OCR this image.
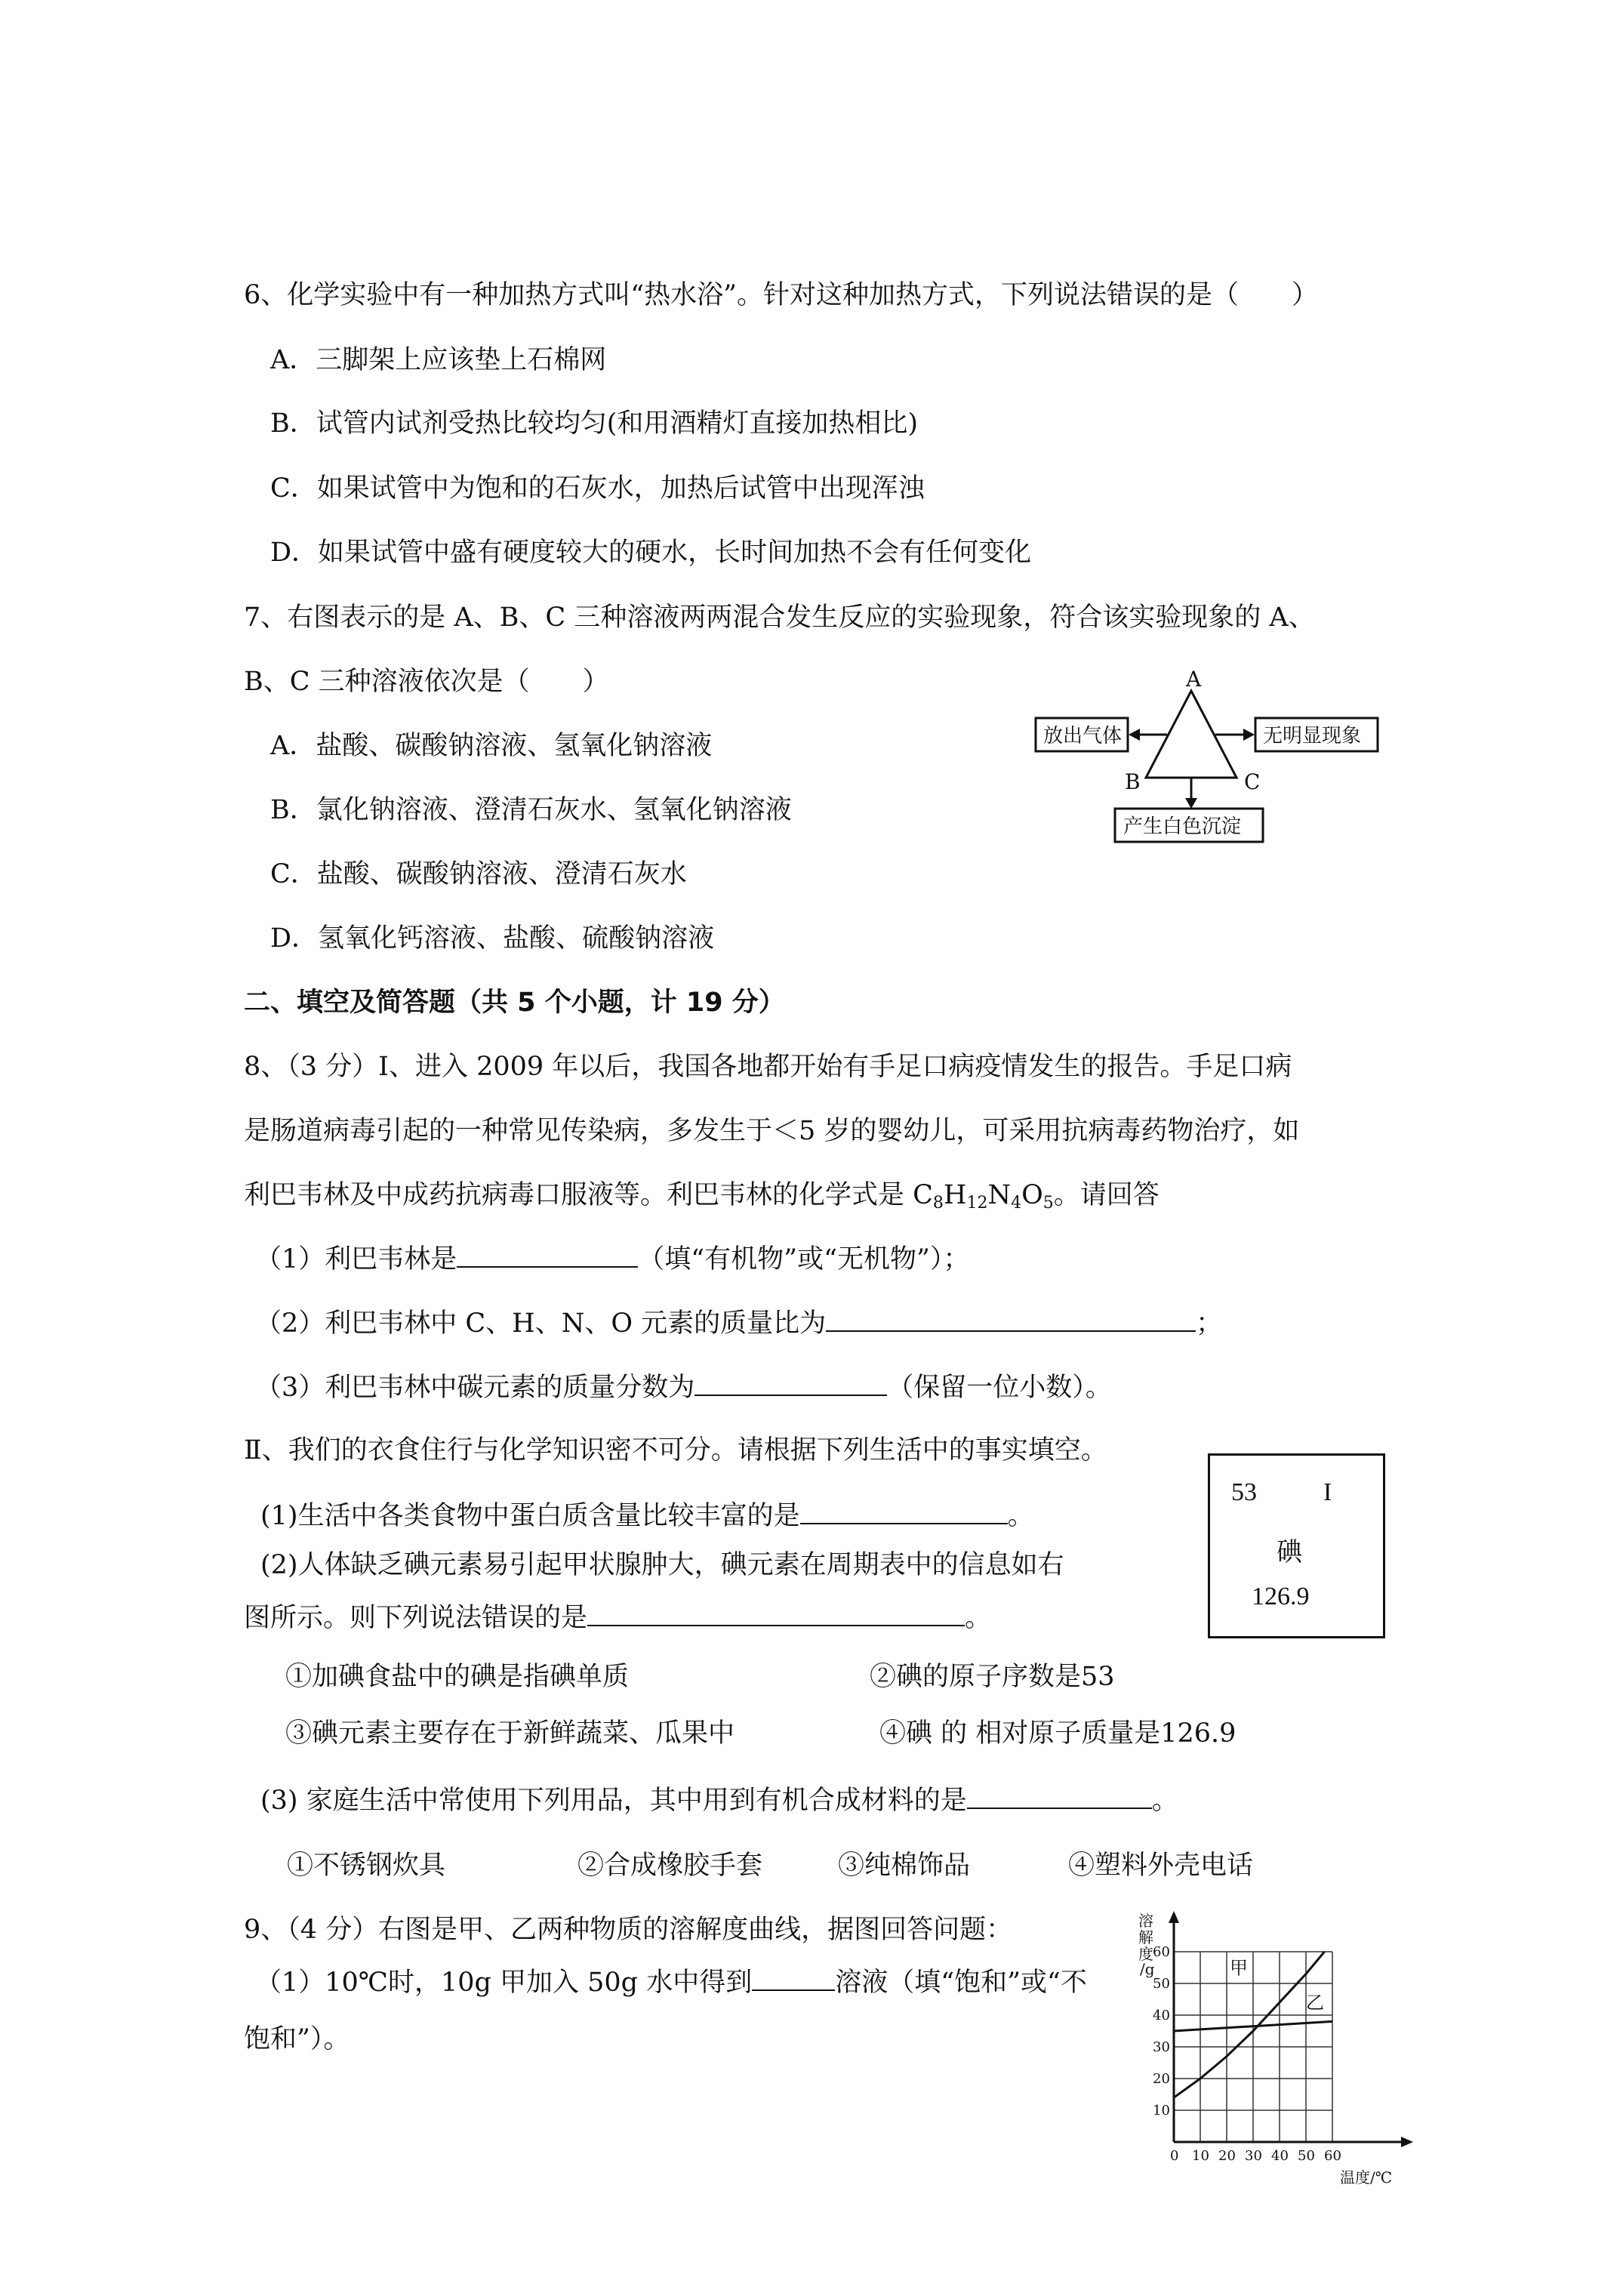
6、化学实验中有一种加热方式叫“热水浴”。针对这种加热方式，下列说法错误的是（　　）
A．三脚架上应该垫上石棉网
B．试管内试剂受热比较均匀(和用酒精灯直接加热相比)
C．如果试管中为饱和的石灰水，加热后试管中出现浑浊
D．如果试管中盛有硬度较大的硬水，长时间加热不会有任何变化
7、右图表示的是 A、B、C 三种溶液两两混合发生反应的实验现象，符合该实验现象的 A、
B、C 三种溶液依次是（　　）
A．盐酸、碳酸钠溶液、氢氧化钠溶液
B．氯化钠溶液、澄清石灰水、氢氧化钠溶液
C．盐酸、碳酸钠溶液、澄清石灰水
D．氢氧化钙溶液、盐酸、硫酸钠溶液
A
B	C
放出气体	无明显现象
产生白色沉淀
二、填空及简答题（共 5 个小题，计 19 分）
8、（3 分）Ⅰ、进入 2009 年以后，我国各地都开始有手足口病疫情发生的报告。手足口病
是肠道病毒引起的一种常见传染病，多发生于＜5 岁的婴幼儿，可采用抗病毒药物治疗，如
利巴韦林及中成药抗病毒口服液等。利巴韦林的化学式是 $C_8H_{12}N_4O_5$。请回答
（1）利巴韦林是	（填“有机物”或“无机物”）；
（2）利巴韦林中 C、H、N、O 元素的质量比为	；
（3）利巴韦林中碳元素的质量分数为	（保留一位小数）。
Ⅱ、我们的衣食住行与化学知识密不可分。请根据下列生活中的事实填空。
53	I
碘
126.9
(1)生活中各类食物中蛋白质含量比较丰富的是	。
(2)人体缺乏碘元素易引起甲状腺肿大，碘元素在周期表中的信息如右
图所示。则下列说法错误的是	。
①加碘食盐中的碘是指碘单质	②碘的原子序数是53
③碘元素主要存在于新鲜蔬菜、瓜果中	④碘 的 相对原子质量是126.9
(3) 家庭生活中常使用下列用品，其中用到有机合成材料的是	。
①不锈钢炊具	②合成橡胶手套	③纯棉饰品	④塑料外壳电话
9、（4 分）右图是甲、乙两种物质的溶解度曲线，据图回答问题：
（1）10℃时，10g 甲加入 50g 水中得到	溶液（填“饱和”或“不
饱和”）。
0 10 20 30 40 50 60
10
20
30
40
50
60
甲
乙
溶
解
度
/g
温度/℃
